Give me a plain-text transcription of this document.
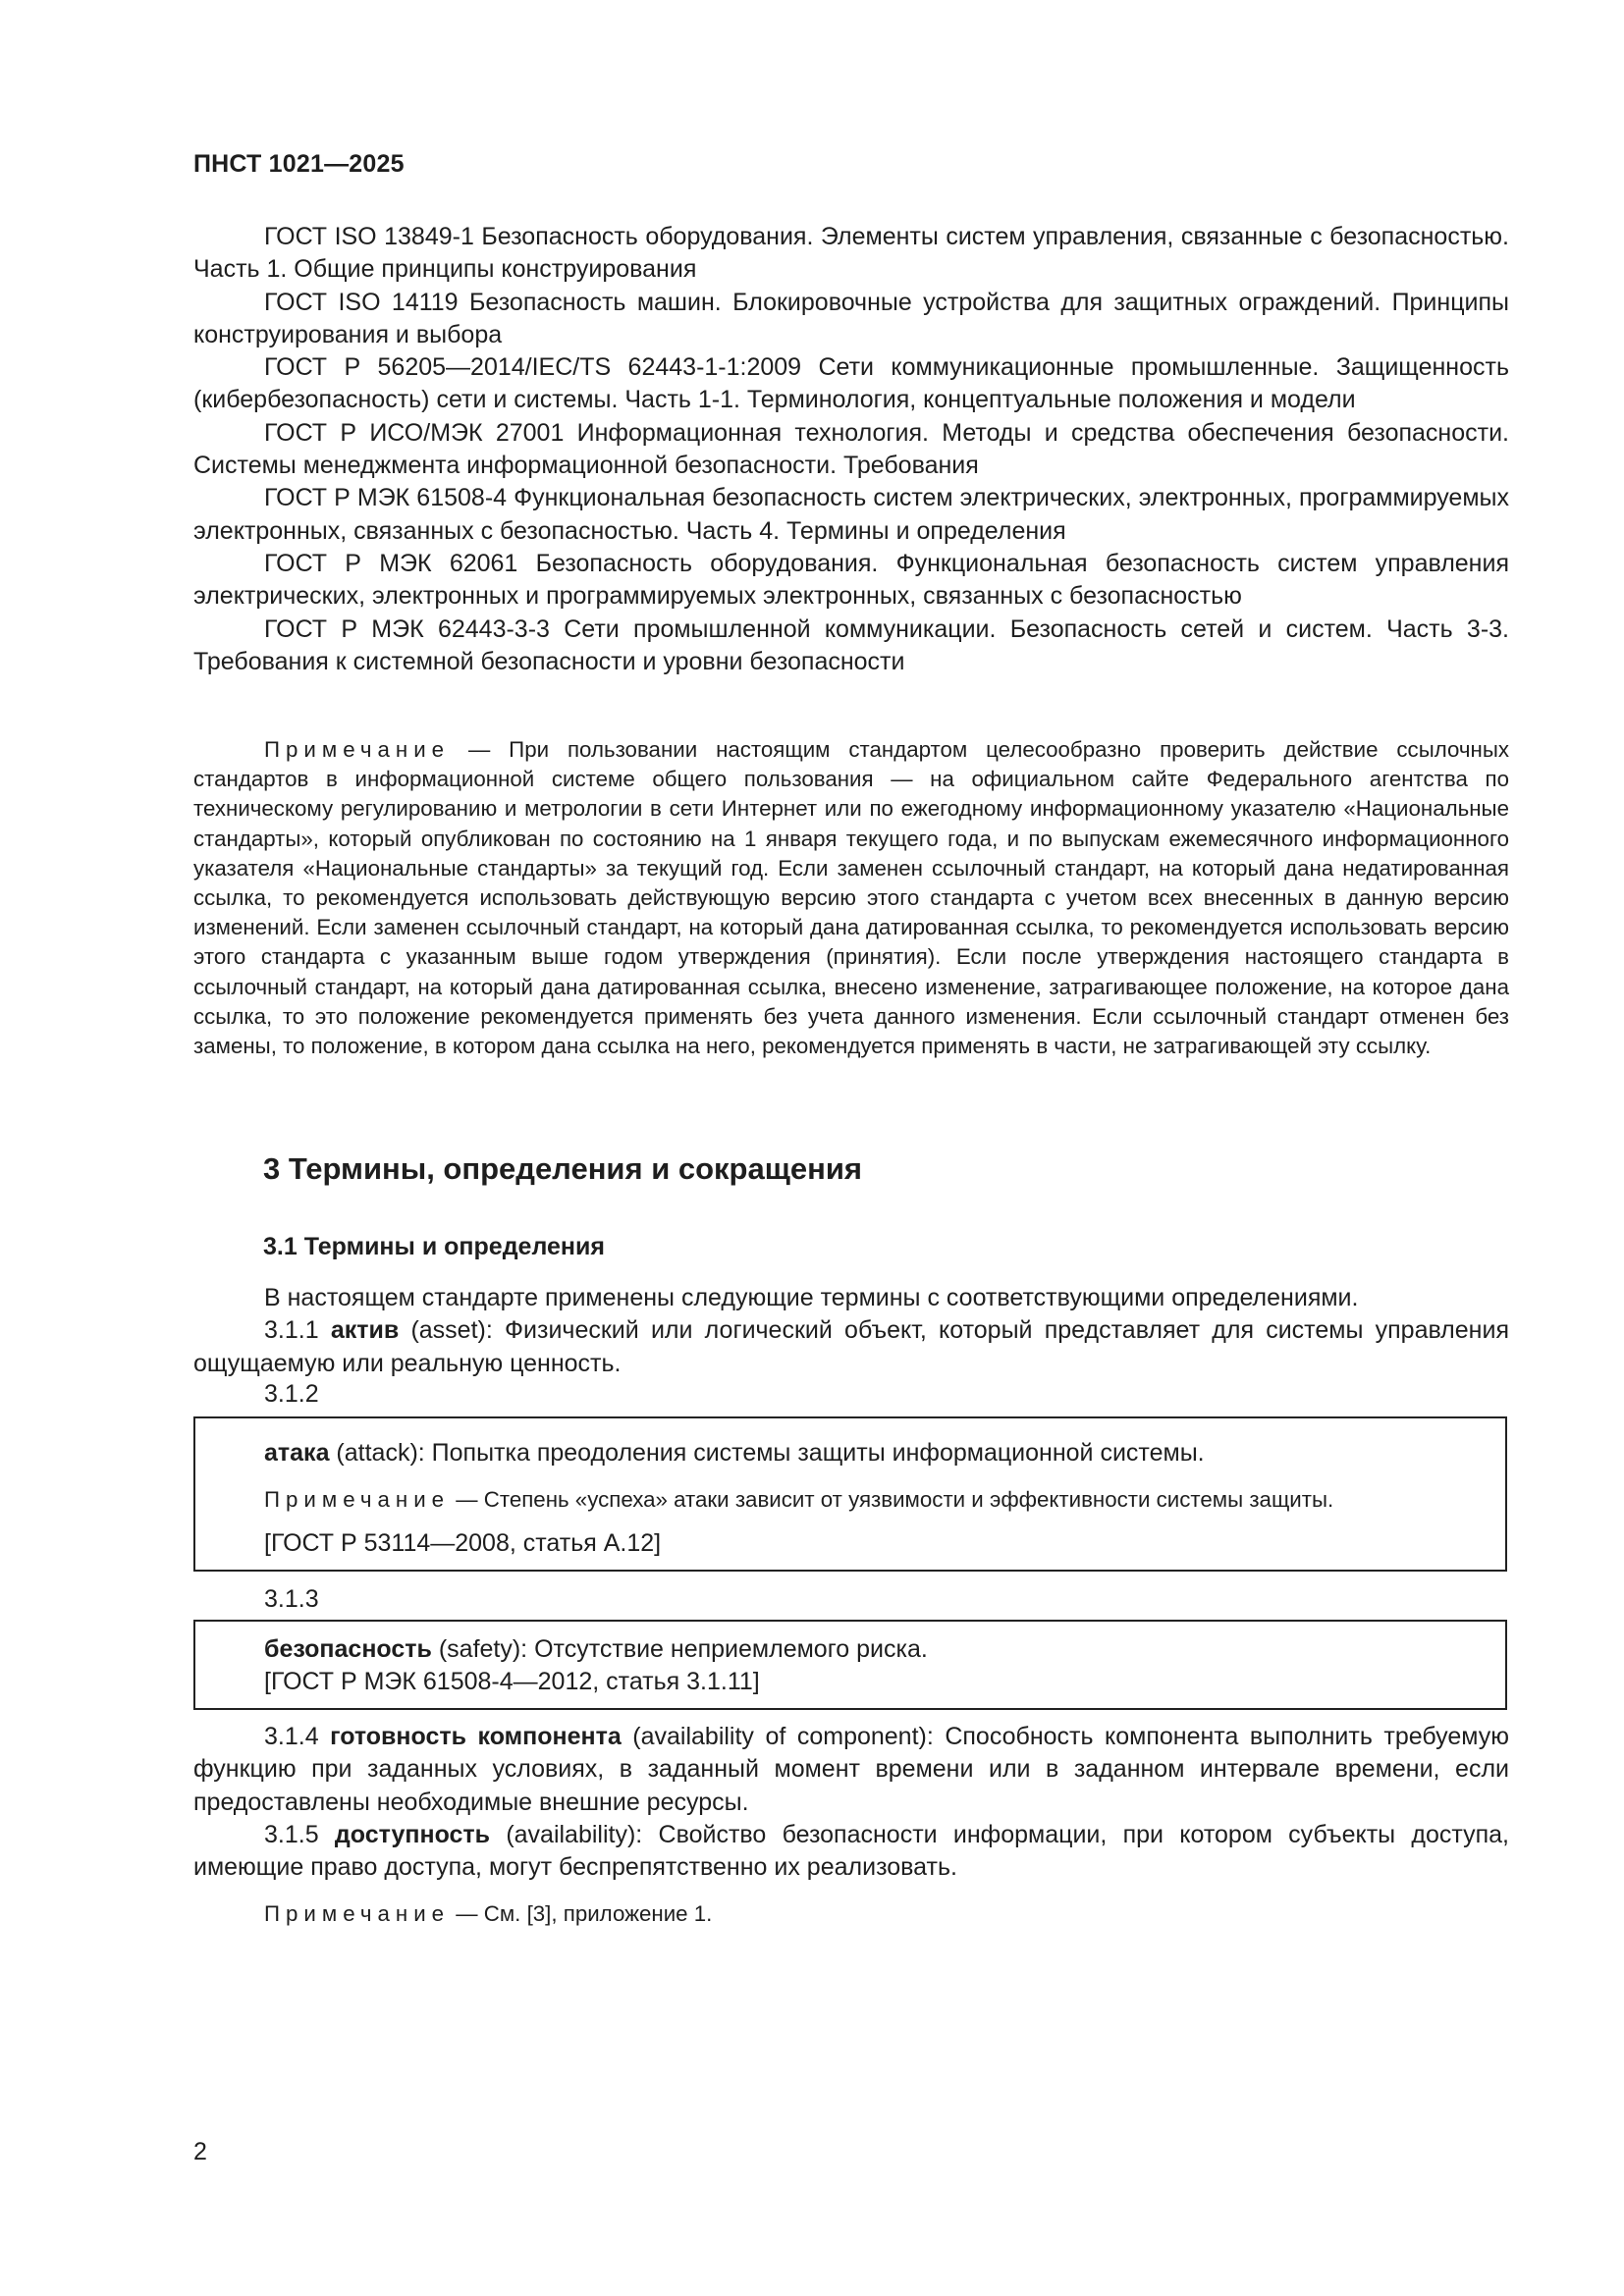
ПНСТ 1021—2025

ГОСТ ISO 13849-1 Безопасность оборудования. Элементы систем управления, связанные с безопасностью. Часть 1. Общие принципы конструирования

ГОСТ ISO 14119 Безопасность машин. Блокировочные устройства для защитных ограждений. Принципы конструирования и выбора

ГОСТ Р 56205—2014/IEC/TS 62443-1-1:2009 Сети коммуникационные промышленные. Защищенность (кибербезопасность) сети и системы. Часть 1-1. Терминология, концептуальные положения и модели

ГОСТ Р ИСО/МЭК 27001 Информационная технология. Методы и средства обеспечения безопасности. Системы менеджмента информационной безопасности. Требования

ГОСТ Р МЭК 61508-4 Функциональная безопасность систем электрических, электронных, программируемых электронных, связанных с безопасностью. Часть 4. Термины и определения

ГОСТ Р МЭК 62061 Безопасность оборудования. Функциональная безопасность систем управления электрических, электронных и программируемых электронных, связанных с безопасностью

ГОСТ Р МЭК 62443-3-3 Сети промышленной коммуникации. Безопасность сетей и систем. Часть 3-3. Требования к системной безопасности и уровни безопасности

Примечание — При пользовании настоящим стандартом целесообразно проверить действие ссылочных стандартов в информационной системе общего пользования — на официальном сайте Федерального агентства по техническому регулированию и метрологии в сети Интернет или по ежегодному информационному указателю «Национальные стандарты», который опубликован по состоянию на 1 января текущего года, и по выпускам ежемесячного информационного указателя «Национальные стандарты» за текущий год. Если заменен ссылочный стандарт, на который дана недатированная ссылка, то рекомендуется использовать действующую версию этого стандарта с учетом всех внесенных в данную версию изменений. Если заменен ссылочный стандарт, на который дана датированная ссылка, то рекомендуется использовать версию этого стандарта с указанным выше годом утверждения (принятия). Если после утверждения настоящего стандарта в ссылочный стандарт, на который дана датированная ссылка, внесено изменение, затрагивающее положение, на которое дана ссылка, то это положение рекомендуется применять без учета данного изменения. Если ссылочный стандарт отменен без замены, то положение, в котором дана ссылка на него, рекомендуется применять в части, не затрагивающей эту ссылку.
3 Термины, определения и сокращения
3.1 Термины и определения

В настоящем стандарте применены следующие термины с соответствующими определениями.

3.1.1 актив (asset): Физический или логический объект, который представляет для системы управления ощущаемую или реальную ценность.

3.1.2
атака (attack): Попытка преодоления системы защиты информационной системы.
Примечание — Степень «успеха» атаки зависит от уязвимости и эффективности системы защиты.
[ГОСТ Р 53114—2008, статья А.12]
3.1.3
безопасность (safety): Отсутствие неприемлемого риска.
[ГОСТ Р МЭК 61508-4—2012, статья 3.1.11]

3.1.4 готовность компонента (availability of component): Способность компонента выполнить требуемую функцию при заданных условиях, в заданный момент времени или в заданном интервале времени, если предоставлены необходимые внешние ресурсы.

3.1.5 доступность (availability): Свойство безопасности информации, при котором субъекты доступа, имеющие право доступа, могут беспрепятственно их реализовать.

Примечание — См. [3], приложение 1.
2
